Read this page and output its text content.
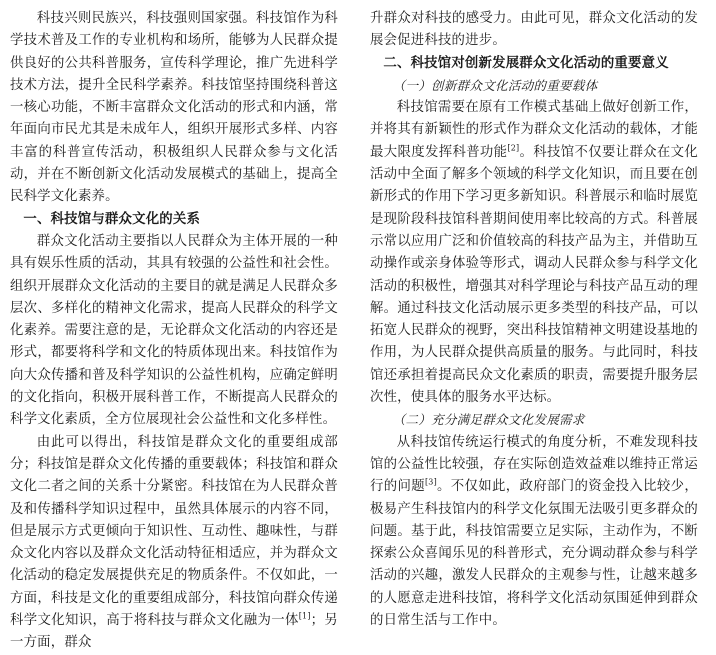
科技兴则民族兴，科技强则国家强。科技馆作为科学技术普及工作的专业机构和场所，能够为人民群众提供良好的公共科普服务，宣传科学理论，推广先进科学技术方法，提升全民科学素养。科技馆坚持围绕科普这一核心功能，不断丰富群众文化活动的形式和内涵，常年面向市民尤其是未成年人，组织开展形式多样、内容丰富的科普宣传活动，积极组织人民群众参与文化活动，并在不断创新文化活动发展模式的基础上，提高全民科学文化素养。

一、科技馆与群众文化的关系

群众文化活动主要指以人民群众为主体开展的一种具有娱乐性质的活动，其具有较强的公益性和社会性。组织开展群众文化活动的主要目的就是满足人民群众多层次、多样化的精神文化需求，提高人民群众的科学文化素养。需要注意的是，无论群众文化活动的内容还是形式，都要将科学和文化的特质体现出来。科技馆作为向大众传播和普及科学知识的公益性机构，应确定鲜明的文化指向，积极开展科普工作，不断提高人民群众的科学文化素质，全方位展现社会公益性和文化多样性。

由此可以得出，科技馆是群众文化的重要组成部分；科技馆是群众文化传播的重要载体；科技馆和群众文化二者之间的关系十分紧密。科技馆在为人民群众普及和传播科学知识过程中，虽然具体展示的内容不同，但是展示方式更倾向于知识性、互动性、趣味性，与群众文化内容以及群众文化活动特征相适应，并为群众文化活动的稳定发展提供充足的物质条件。不仅如此，一方面，科技是文化的重要组成部分，科技馆向群众传递科学文化知识，高于将科技与群众文化融为一体[1]；另一方面，群众

升群众对科技的感受力。由此可见，群众文化活动的发展会促进科技的进步。

二、科技馆对创新发展群众文化活动的重要意义
（一）创新群众文化活动的重要载体

科技馆需要在原有工作模式基础上做好创新工作，并将其有新颖性的形式作为群众文化活动的载体，才能最大限度发挥科普功能[2]。科技馆不仅要让群众在文化活动中全面了解多个领域的科学文化知识，而且要在创新形式的作用下学习更多新知识。科普展示和临时展览是现阶段科技馆科普期间使用率比较高的方式。科普展示常以应用广泛和价值较高的科技产品为主，并借助互动操作或亲身体验等形式，调动人民群众参与科学文化活动的积极性，增强其对科学理论与科技产品互动的理解。通过科技文化活动展示更多类型的科技产品，可以拓宽人民群众的视野，突出科技馆精神文明建设基地的作用，为人民群众提供高质量的服务。与此同时，科技馆还承担着提高民众文化素质的职责，需要提升服务层次性，使具体的服务水平达标。

（二）充分满足群众文化发展需求

从科技馆传统运行模式的角度分析，不难发现科技馆的公益性比较强，存在实际创造效益难以维持正常运行的问题[3]。不仅如此，政府部门的资金投入比较少，极易产生科技馆内的科学文化氛围无法吸引更多群众的问题。基于此，科技馆需要立足实际，主动作为，不断探索公众喜闻乐见的科普形式，充分调动群众参与科学活动的兴趣，激发人民群众的主观参与性，让越来越多的人愿意走进科技馆，将科学文化活动氛围延伸到群众的日常生活与工作中。
